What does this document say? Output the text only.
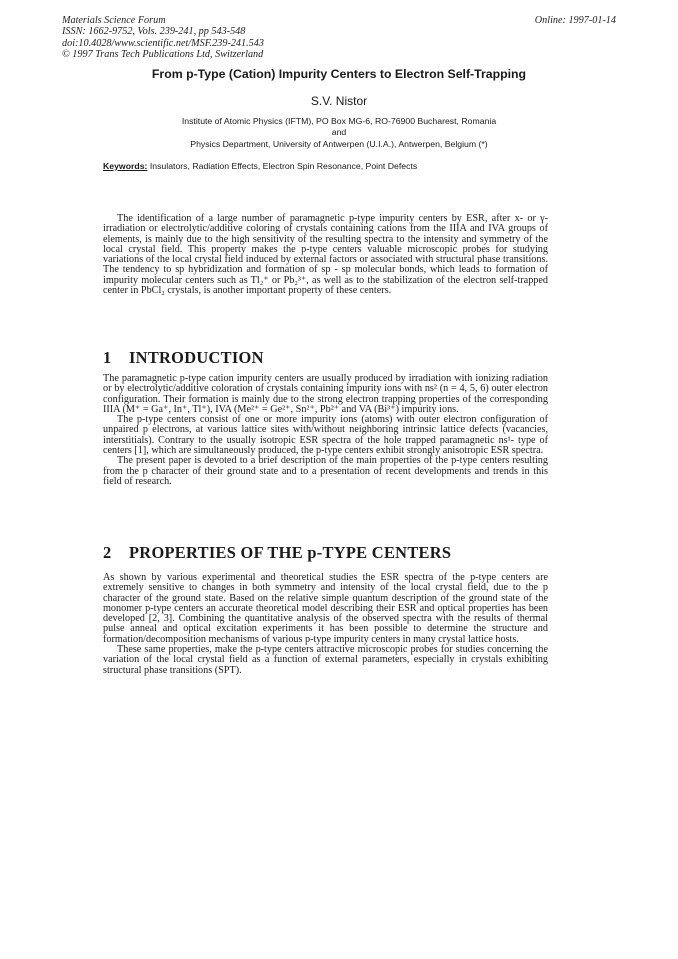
Materials Science Forum
ISSN: 1662-9752, Vols. 239-241, pp 543-548
doi:10.4028/www.scientific.net/MSF.239-241.543
© 1997 Trans Tech Publications Ltd, Switzerland
Online: 1997-01-14
From p-Type (Cation) Impurity Centers to Electron Self-Trapping
S.V. Nistor
Institute of Atomic Physics (IFTM), PO Box MG-6, RO-76900 Bucharest, Romania
and
Physics Department, University of Antwerpen (U.I.A.), Antwerpen, Belgium (*)
Keywords: Insulators, Radiation Effects, Electron Spin Resonance, Point Defects
The identification of a large number of paramagnetic p-type impurity centers by ESR, after x- or γ-irradiation or electrolytic/additive coloring of crystals containing cations from the IIIA and IVA groups of elements, is mainly due to the high sensitivity of the resulting spectra to the intensity and symmetry of the local crystal field. This property makes the p-type centers valuable microscopic probes for studying variations of the local crystal field induced by external factors or associated with structural phase transitions. The tendency to sp hybridization and formation of sp - sp molecular bonds, which leads to formation of impurity molecular centers such as Tl₂⁺ or Pb₂³⁺, as well as to the stabilization of the electron self-trapped center in PbCl₂ crystals, is another important property of these centers.
1 INTRODUCTION

The paramagnetic p-type cation impurity centers are usually produced by irradiation with ionizing radiation or by electrolytic/additive coloration of crystals containing impurity ions with ns² (n = 4, 5, 6) outer electron configuration. Their formation is mainly due to the strong electron trapping properties of the corresponding IIIA (M⁺ = Ga⁺, In⁺, Tl⁺), IVA (Me²⁺ = Ge²⁺, Sn²⁺, Pb²⁺ and VA (Bi³⁺) impurity ions.

The p-type centers consist of one or more impurity ions (atoms) with outer electron configuration of unpaired p electrons, at various lattice sites with/without neighboring intrinsic lattice defects (vacancies, interstitials). Contrary to the usually isotropic ESR spectra of the hole trapped paramagnetic ns¹- type of centers [1], which are simultaneously produced, the p-type centers exhibit strongly anisotropic ESR spectra.

The present paper is devoted to a brief description of the main properties of the p-type centers resulting from the p character of their ground state and to a presentation of recent developments and trends in this field of research.

2 PROPERTIES OF THE p-TYPE CENTERS

As shown by various experimental and theoretical studies the ESR spectra of the p-type centers are extremely sensitive to changes in both symmetry and intensity of the local crystal field, due to the p character of the ground state. Based on the relative simple quantum description of the ground state of the monomer p-type centers an accurate theoretical model describing their ESR and optical properties has been developed [2, 3]. Combining the quantitative analysis of the observed spectra with the results of thermal pulse anneal and optical excitation experiments it has been possible to determine the structure and formation/decomposition mechanisms of various p-type impurity centers in many crystal lattice hosts.

These same properties, make the p-type centers attractive microscopic probes for studies concerning the variation of the local crystal field as a function of external parameters, especially in crystals exhibiting structural phase transitions (SPT).
